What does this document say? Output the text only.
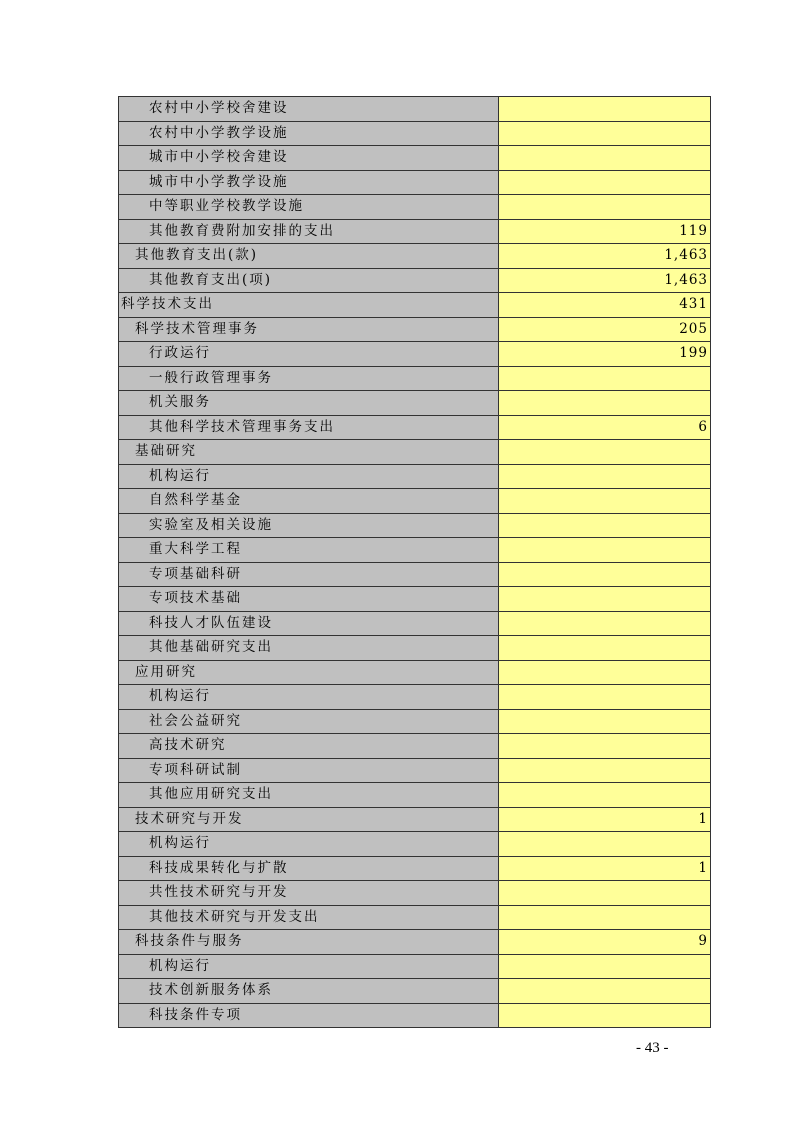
农村中小学校舍建设	
农村中小学教学设施	
城市中小学校舍建设	
城市中小学教学设施	
中等职业学校教学设施	
其他教育费附加安排的支出	119
其他教育支出(款)	1,463
其他教育支出(项)	1,463
科学技术支出	431
科学技术管理事务	205
行政运行	199
一般行政管理事务	
机关服务	
其他科学技术管理事务支出	6
基础研究	
机构运行	
自然科学基金	
实验室及相关设施	
重大科学工程	
专项基础科研	
专项技术基础	
科技人才队伍建设	
其他基础研究支出	
应用研究	
机构运行	
社会公益研究	
高技术研究	
专项科研试制	
其他应用研究支出	
技术研究与开发	1
机构运行	
科技成果转化与扩散	1
共性技术研究与开发	
其他技术研究与开发支出	
科技条件与服务	9
机构运行	
技术创新服务体系	
科技条件专项	
- 43 -
